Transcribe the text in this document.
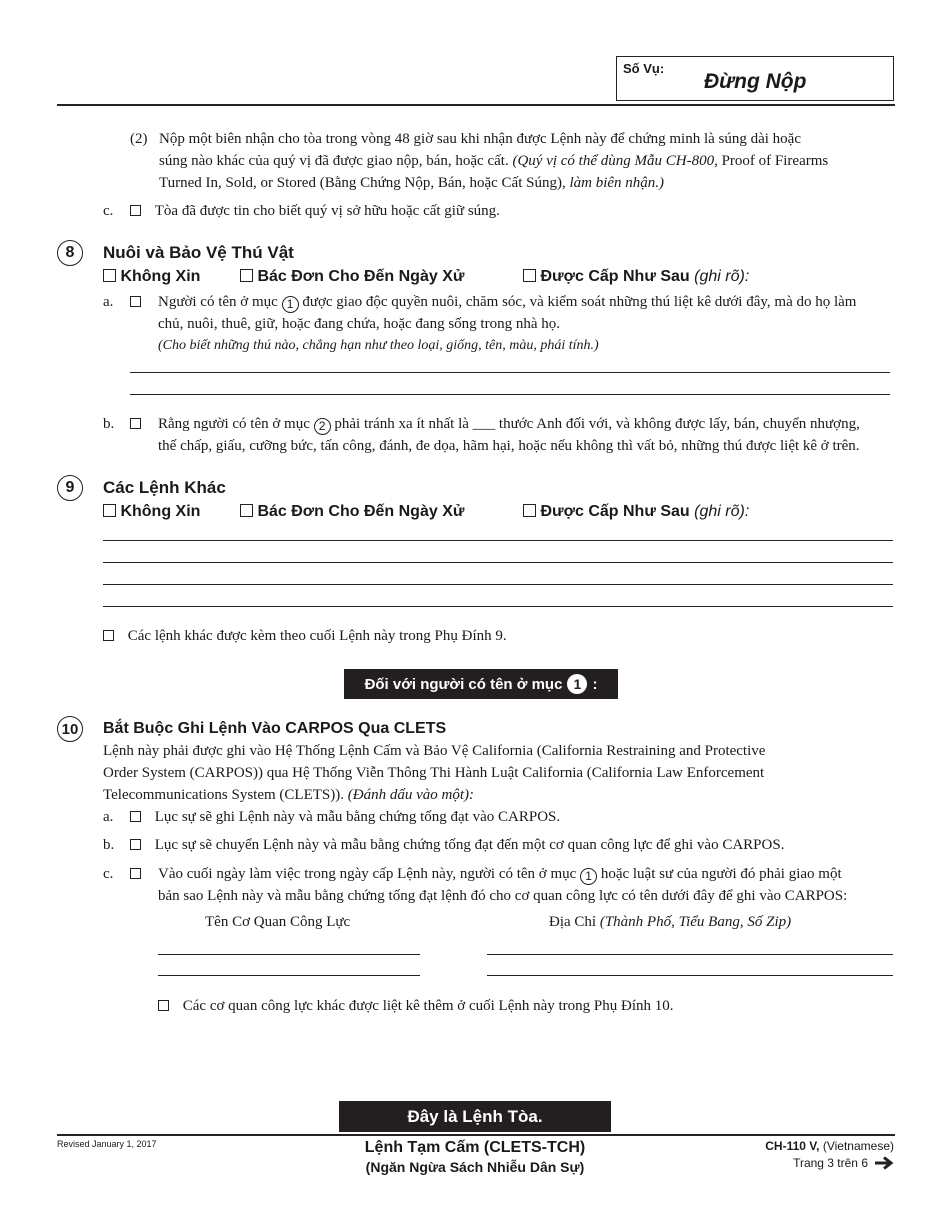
Số Vụ:
Đừng Nộp
(2) Nộp một biên nhận cho tòa trong vòng 48 giờ sau khi nhận được Lệnh này để chứng minh là súng dài hoặc
súng nào khác của quý vị đã được giao nộp, bán, hoặc cất. (Quý vị có thể dùng Mẫu CH-800, Proof of Firearms
Turned In, Sold, or Stored (Bằng Chứng Nộp, Bán, hoặc Cất Súng), làm biên nhận.)
c.	Tòa đã được tin cho biết quý vị sở hữu hoặc cất giữ súng.
8	Nuôi và Bảo Vệ Thú Vật
Không Xin	Bác Đơn Cho Đến Ngày Xử	Được Cấp Như Sau (ghi rõ):
a.	Người có tên ở mục 1 được giao độc quyền nuôi, chăm sóc, và kiểm soát những thú liệt kê dưới đây, mà do họ làm
chủ, nuôi, thuê, giữ, hoặc đang chứa, hoặc đang sống trong nhà họ.
(Cho biết những thú nào, chẳng hạn như theo loại, giống, tên, màu, phái tính.)
b.	Rằng người có tên ở mục 2 phải tránh xa ít nhất là ___ thước Anh đối với, và không được lấy, bán, chuyển nhượng,
thế chấp, giấu, cưỡng bức, tấn công, đánh, đe dọa, hãm hại, hoặc nếu không thì vất bỏ, những thú được liệt kê ở trên.
9	Các Lệnh Khác
Không Xin	Bác Đơn Cho Đến Ngày Xử	Được Cấp Như Sau (ghi rõ):
Các lệnh khác được kèm theo cuối Lệnh này trong Phụ Đính 9.
Đối với người có tên ở mục 1 :
10 Bắt Buộc Ghi Lệnh Vào CARPOS Qua CLETS
Lệnh này phải được ghi vào Hệ Thống Lệnh Cấm và Bảo Vệ California (California Restraining and Protective
Order System (CARPOS)) qua Hệ Thống Viễn Thông Thi Hành Luật California (California Law Enforcement
Telecommunications System (CLETS)). (Đánh dấu vào một):
a.	Lục sự sẽ ghi Lệnh này và mẫu bằng chứng tống đạt vào CARPOS.
b.	Lục sự sẽ chuyển Lệnh này và mẫu bằng chứng tống đạt đến một cơ quan công lực để ghi vào CARPOS.
c.	Vào cuối ngày làm việc trong ngày cấp Lệnh này, người có tên ở mục 1 hoặc luật sư của người đó phải giao một
bản sao Lệnh này và mẫu bằng chứng tống đạt lệnh đó cho cơ quan công lực có tên dưới đây để ghi vào CARPOS:
Tên Cơ Quan Công Lực	Địa Chỉ (Thành Phố, Tiểu Bang, Số Zip)
Các cơ quan công lực khác được liệt kê thêm ở cuối Lệnh này trong Phụ Đính 10.
Đây là Lệnh Tòa.
Revised January 1, 2017	Lệnh Tạm Cấm (CLETS-TCH)
(Ngăn Ngừa Sách Nhiễu Dân Sự)
CH-110 V, (Vietnamese)
Trang 3 trên 6
